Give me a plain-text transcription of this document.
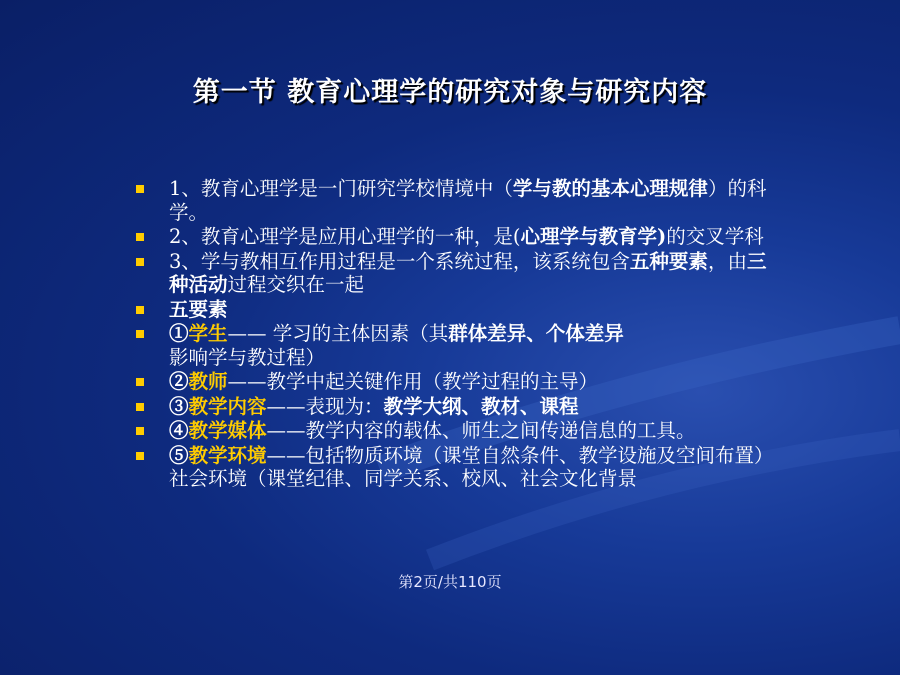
第一节 教育心理学的研究对象与研究内容
1、教育心理学是一门研究学校情境中（学与教的基本心理规律）的科学。
2、教育心理学是应用心理学的一种，是(心理学与教育学)的交叉学科
3、学与教相互作用过程是一个系统过程，该系统包含五种要素，由三种活动过程交织在一起
五要素
①学生—— 学习的主体因素（其群体差异、个体差异影响学与教过程）
②教师——教学中起关键作用（教学过程的主导）
③教学内容——表现为：教学大纲、教材、课程
④教学媒体——教学内容的载体、师生之间传递信息的工具。
⑤教学环境——包括物质环境（课堂自然条件、教学设施及空间布置）社会环境（课堂纪律、同学关系、校风、社会文化背景
第2页/共110页
